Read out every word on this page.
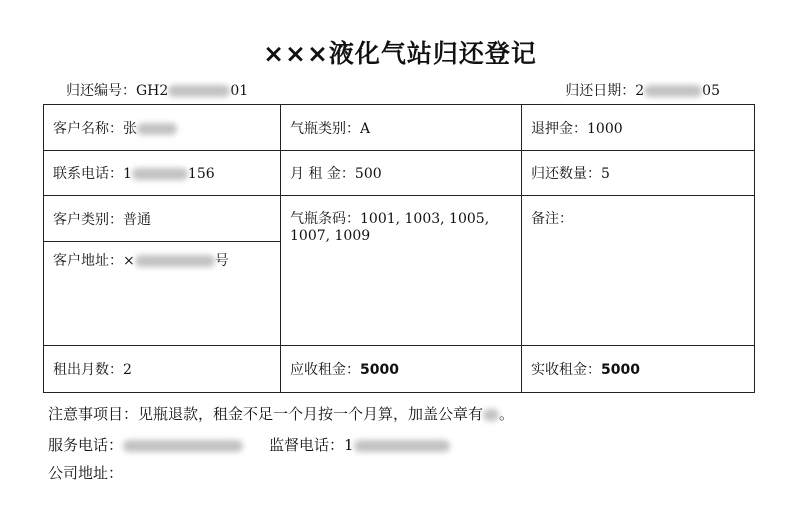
×××液化气站归还登记
归还编号：GH2	01	归还日期：2	05
客户名称：张	气瓶类别：A	退押金：1000
联系电话：1 156	月 租 金：500	归还数量：5
客户类别：普通	气瓶条码：1001, 1003, 1005, 1007, 1009	备注：
客户地址：× 号		
租出月数：2	应收租金：5000	实收租金：5000
注意事项目：见瓶退款，租金不足一个月按一个月算，加盖公章有 。
服务电话：	监督电话：1
公司地址：
